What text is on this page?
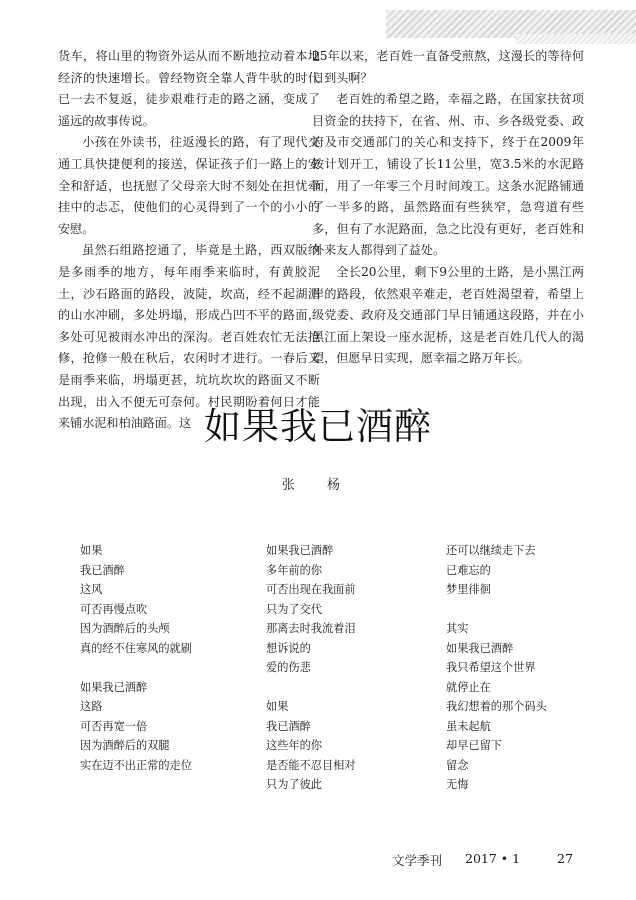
货车，将山里的物资外运从而不断地拉动着本地经济的快速增长。曾经物资全靠人背牛驮的时代已一去不复返，徒步艰难行走的路之涵，变成了遥远的故事传说。

小孩在外读书，往返漫长的路，有了现代交通工具快捷便利的接送，保证孩子们一路上的安全和舒适，也抚慰了父母亲大时不刻处在担忧牵挂中的忐忑，使他们的心灵得到了一个的小小的安慰。

虽然石组路挖通了，毕竟是土路，西双版纳是多雨季的地方，每年雨季来临时，有黄胶泥土，沙石路面的路段，波陡，坎高，经不起湖湄的山水冲刷，多处坍塌，形成凸凹不平的路面，多处可见被雨水冲出的深沟。老百姓农忙无法抢修，抢修一般在秋后，农闲时才进行。一春后又是雨季来临，坍塌更甚，坑坑坎坎的路面又不断出现，出入不便无可奈何。村民期盼着何日才能来铺水泥和柏油路面。这

25年以来，老百姓一直备受煎熬，这漫长的等待何日到头啊？

老百姓的希望之路，幸福之路，在国家扶贫项目资金的扶持下，在省、州、市、乡各级党委、政府及市交通部门的关心和支持下，终于在2009年按计划开工，铺设了长11公里，宽3.5米的水泥路面，用了一年零三个月时间竣工。这条水泥路铺通了一半多的路，虽然路面有些狭窄，急弯道有些多，但有了水泥路面，急之比没有更好，老百姓和外来友人都得到了益处。

全长20公里，剩下9公里的土路，是小黑江两岸的路段，依然艰辛难走，老百姓渴望着，希望上级党委、政府及交通部门早日铺通这段路，并在小黑江面上架设一座水泥桥，这是老百姓几代人的渴望，但愿早日实现，愿幸福之路万年长。

如果我已酒醉
张 杨
如果
我已酒醉
这风
可否再慢点吹
因为酒醉后的头颅
真的经不住寒风的就刷
如果我已酒醉
这路
可否再宽一倍
因为酒醉后的双腿
实在迈不出正常的走位
如果我已酒醉
多年前的你
可否出现在我面前
只为了交代
那离去时我流着泪
想诉说的
爱的伤悲
如果
我已酒醉
这些年的你
是否能不忍目相对
只为了彼此
还可以继续走下去
已难忘的
梦里徘徊
其实
如果我已酒醉
我只希望这个世界
就停止在
我幻想着的那个码头
虽未起航
却早已留下
留念
无悔
文学季刊 2017 • 1	27
